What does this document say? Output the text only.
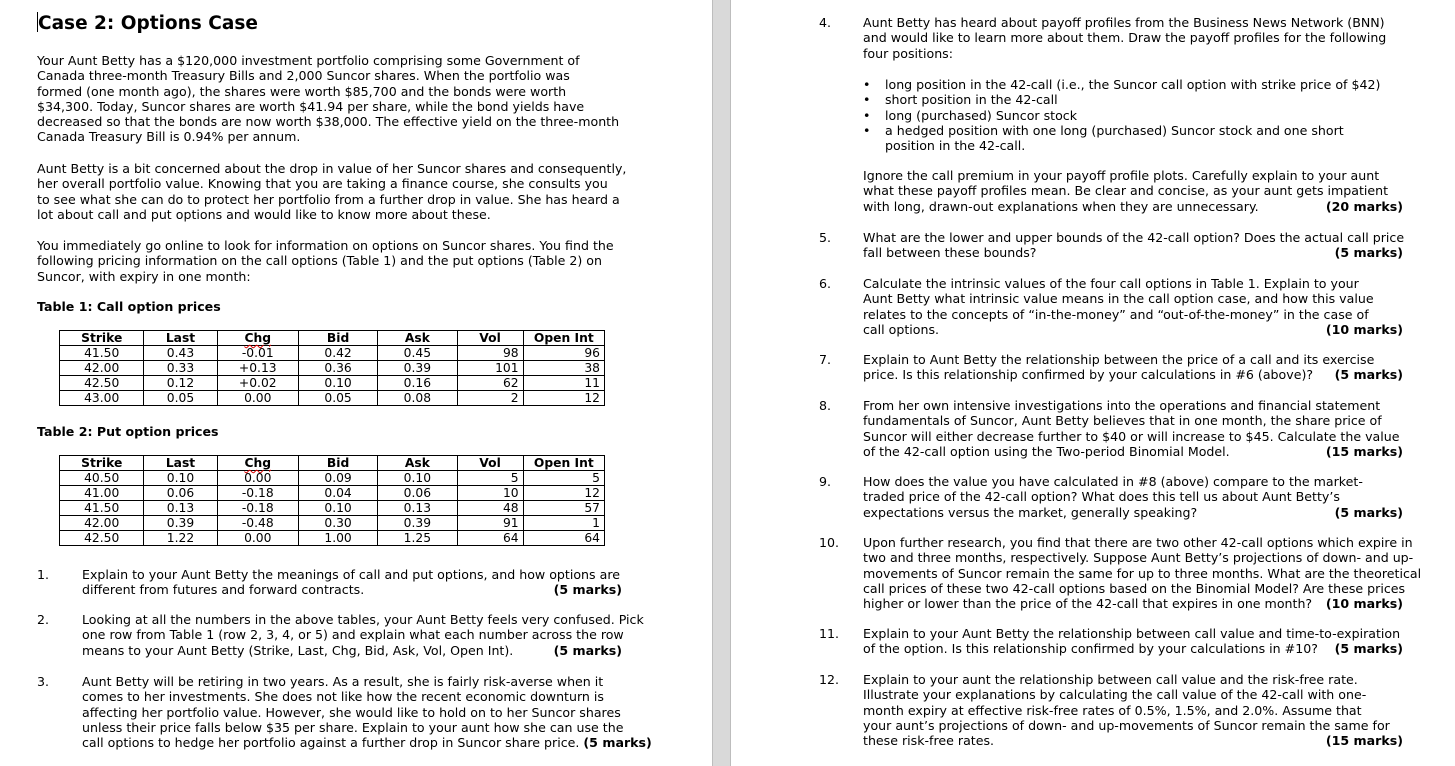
Case 2: Options Case
Your Aunt Betty has a $120,000 investment portfolio comprising some Government of
Canada three-month Treasury Bills and 2,000 Suncor shares. When the portfolio was
formed (one month ago), the shares were worth $85,700 and the bonds were worth
$34,300. Today, Suncor shares are worth $41.94 per share, while the bond yields have
decreased so that the bonds are now worth $38,000. The effective yield on the three-month
Canada Treasury Bill is 0.94% per annum.
Aunt Betty is a bit concerned about the drop in value of her Suncor shares and consequently,
her overall portfolio value. Knowing that you are taking a finance course, she consults you
to see what she can do to protect her portfolio from a further drop in value. She has heard a
lot about call and put options and would like to know more about these.
You immediately go online to look for information on options on Suncor shares. You find the
following pricing information on the call options (Table 1) and the put options (Table 2) on
Suncor, with expiry in one month:
Table 1: Call option prices
Strike	Last	Chg	Bid	Ask	Vol	Open Int
41.50	0.43	-0.01	0.42	0.45	98	96
42.00	0.33	+0.13	0.36	0.39	101	38
42.50	0.12	+0.02	0.10	0.16	62	11
43.00	0.05	0.00	0.05	0.08	2	12
Table 2: Put option prices
Strike	Last	Chg	Bid	Ask	Vol	Open Int
40.50	0.10	0.00	0.09	0.10	5	5
41.00	0.06	-0.18	0.04	0.06	10	12
41.50	0.13	-0.18	0.10	0.13	48	57
42.00	0.39	-0.48	0.30	0.39	91	1
42.50	1.22	0.00	1.00	1.25	64	64
1.	Explain to your Aunt Betty the meanings of call and put options, and how options are
different from futures and forward contracts.	(5 marks)
2.	Looking at all the numbers in the above tables, your Aunt Betty feels very confused. Pick
one row from Table 1 (row 2, 3, 4, or 5) and explain what each number across the row
means to your Aunt Betty (Strike, Last, Chg, Bid, Ask, Vol, Open Int).	(5 marks)
3.	Aunt Betty will be retiring in two years. As a result, she is fairly risk-averse when it
comes to her investments. She does not like how the recent economic downturn is
affecting her portfolio value. However, she would like to hold on to her Suncor shares
unless their price falls below $35 per share. Explain to your aunt how she can use the
call options to hedge her portfolio against a further drop in Suncor share price. (5 marks)
4.	Aunt Betty has heard about payoff profiles from the Business News Network (BNN)
and would like to learn more about them. Draw the payoff profiles for the following
four positions:
• long position in the 42-call (i.e., the Suncor call option with strike price of $42)
• short position in the 42-call
• long (purchased) Suncor stock
• a hedged position with one long (purchased) Suncor stock and one short
position in the 42-call.
Ignore the call premium in your payoff profile plots. Carefully explain to your aunt
what these payoff profiles mean. Be clear and concise, as your aunt gets impatient
with long, drawn-out explanations when they are unnecessary.	(20 marks)
5.	What are the lower and upper bounds of the 42-call option? Does the actual call price
fall between these bounds?	(5 marks)
6.	Calculate the intrinsic values of the four call options in Table 1. Explain to your
Aunt Betty what intrinsic value means in the call option case, and how this value
relates to the concepts of “in-the-money” and “out-of-the-money” in the case of
call options.	(10 marks)
7.	Explain to Aunt Betty the relationship between the price of a call and its exercise
price. Is this relationship confirmed by your calculations in #6 (above)? (5 marks)
8.	From her own intensive investigations into the operations and financial statement
fundamentals of Suncor, Aunt Betty believes that in one month, the share price of
Suncor will either decrease further to $40 or will increase to $45. Calculate the value
of the 42-call option using the Two-period Binomial Model.	(15 marks)
9.	How does the value you have calculated in #8 (above) compare to the market-
traded price of the 42-call option? What does this tell us about Aunt Betty’s
expectations versus the market, generally speaking?	(5 marks)
10. Upon further research, you find that there are two other 42-call options which expire in
two and three months, respectively. Suppose Aunt Betty’s projections of down- and up-
movements of Suncor remain the same for up to three months. What are the theoretical
call prices of these two 42-call options based on the Binomial Model? Are these prices
higher or lower than the price of the 42-call that expires in one month? (10 marks)
11. Explain to your Aunt Betty the relationship between call value and time-to-expiration
of the option. Is this relationship confirmed by your calculations in #10? (5 marks)
12. Explain to your aunt the relationship between call value and the risk-free rate.
Illustrate your explanations by calculating the call value of the 42-call with one-
month expiry at effective risk-free rates of 0.5%, 1.5%, and 2.0%. Assume that
your aunt’s projections of down- and up-movements of Suncor remain the same for
these risk-free rates.	(15 marks)
